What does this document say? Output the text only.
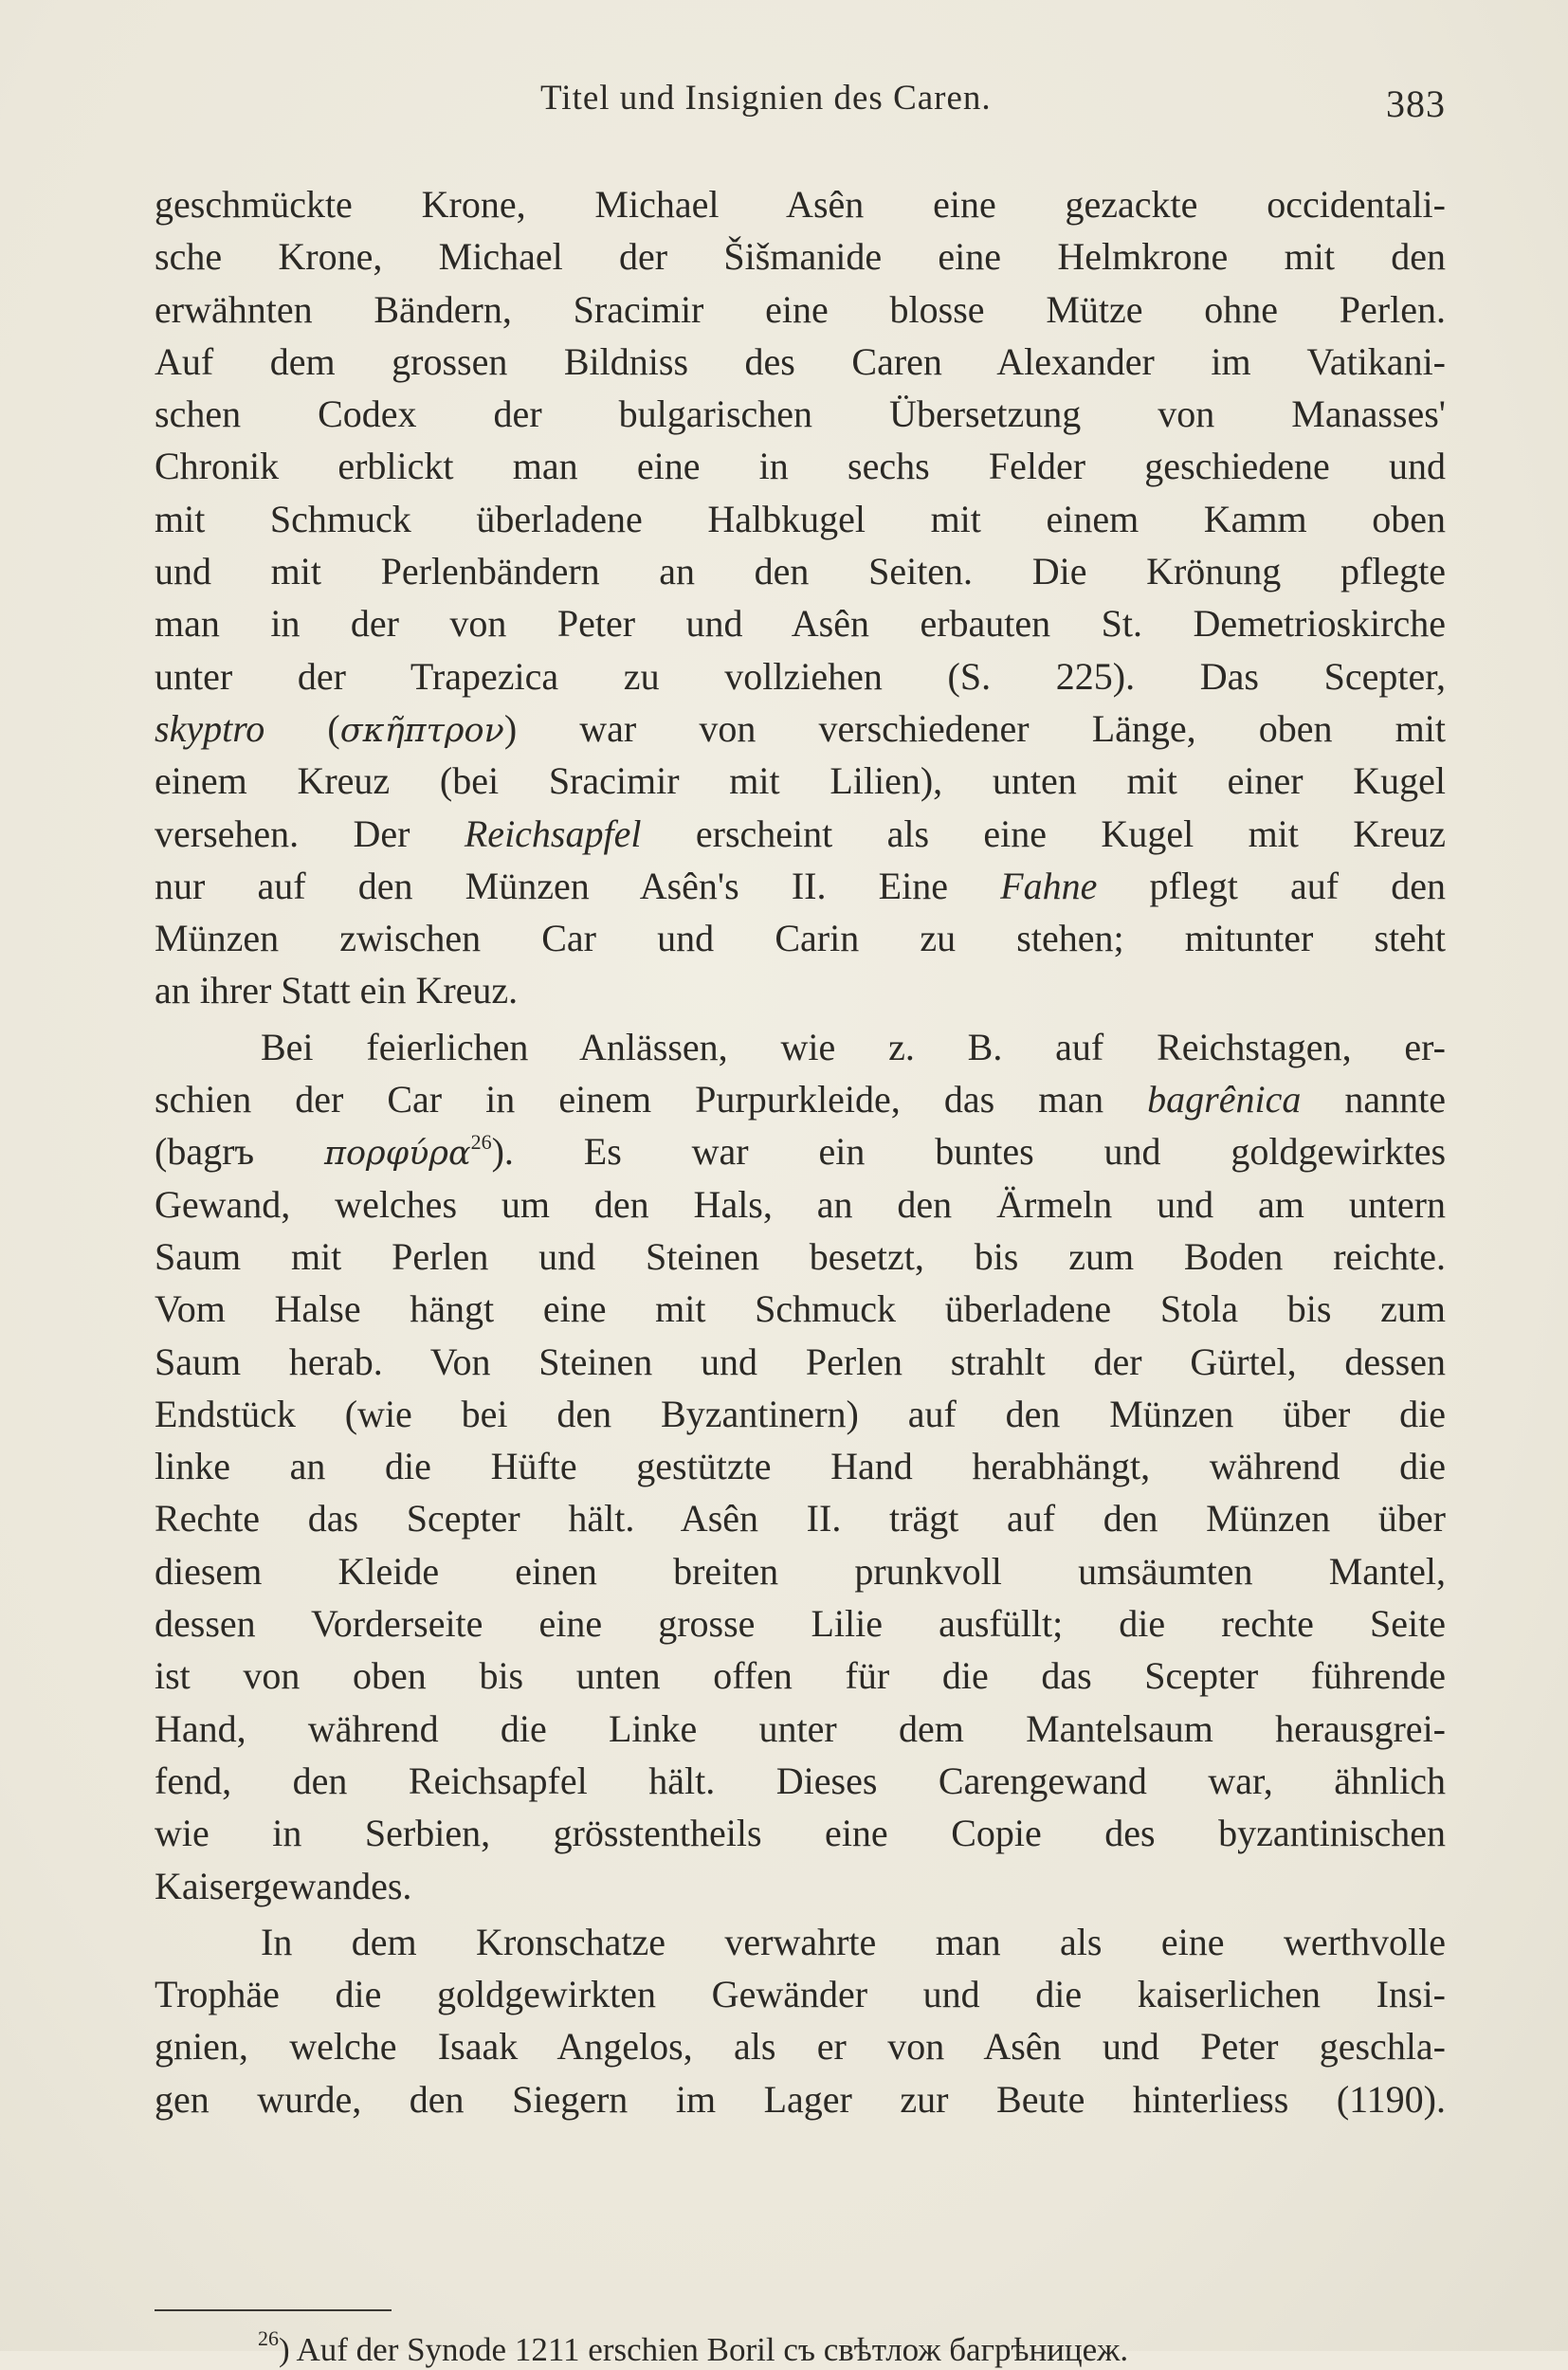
Titel und Insignien des Caren.	383
geschmückte Krone, Michael Asên eine gezackte occidentali-
sche Krone, Michael der Šišmanide eine Helmkrone mit den
erwähnten Bändern, Sracimir eine blosse Mütze ohne Perlen.
Auf dem grossen Bildniss des Caren Alexander im Vatikani-
schen Codex der bulgarischen Übersetzung von Manasses'
Chronik erblickt man eine in sechs Felder geschiedene und
mit Schmuck überladene Halbkugel mit einem Kamm oben
und mit Perlenbändern an den Seiten. Die Krönung pflegte
man in der von Peter und Asên erbauten St. Demetrioskirche
unter der Trapezica zu vollziehen (S. 225). Das Scepter,
skyptro (σκῆπτρον) war von verschiedener Länge, oben mit
einem Kreuz (bei Sracimir mit Lilien), unten mit einer Kugel
versehen. Der Reichsapfel erscheint als eine Kugel mit Kreuz
nur auf den Münzen Asên's II. Eine Fahne pflegt auf den
Münzen zwischen Car und Carin zu stehen; mitunter steht
an ihrer Statt ein Kreuz.
Bei feierlichen Anlässen, wie z. B. auf Reichstagen, er-
schien der Car in einem Purpurkleide, das man bagrênica nannte
(bagrъ πορφύρα$^{26}$). Es war ein buntes und goldgewirktes
Gewand, welches um den Hals, an den Ärmeln und am untern
Saum mit Perlen und Steinen besetzt, bis zum Boden reichte.
Vom Halse hängt eine mit Schmuck überladene Stola bis zum
Saum herab. Von Steinen und Perlen strahlt der Gürtel, dessen
Endstück (wie bei den Byzantinern) auf den Münzen über die
linke an die Hüfte gestützte Hand herabhängt, während die
Rechte das Scepter hält. Asên II. trägt auf den Münzen über
diesem Kleide einen breiten prunkvoll umsäumten Mantel,
dessen Vorderseite eine grosse Lilie ausfüllt; die rechte Seite
ist von oben bis unten offen für die das Scepter führende
Hand, während die Linke unter dem Mantelsaum herausgrei-
fend, den Reichsapfel hält. Dieses Carengewand war, ähnlich
wie in Serbien, grösstentheils eine Copie des byzantinischen
Kaisergewandes.
In dem Kronschatze verwahrte man als eine werthvolle
Trophäe die goldgewirkten Gewänder und die kaiserlichen Insi-
gnien, welche Isaak Angelos, als er von Asên und Peter geschla-
gen wurde, den Siegern im Lager zur Beute hinterliess (1190).
$^{26}$) Auf der Synode 1211 erschien Boril съ свѣтлож багрѣницеж.
